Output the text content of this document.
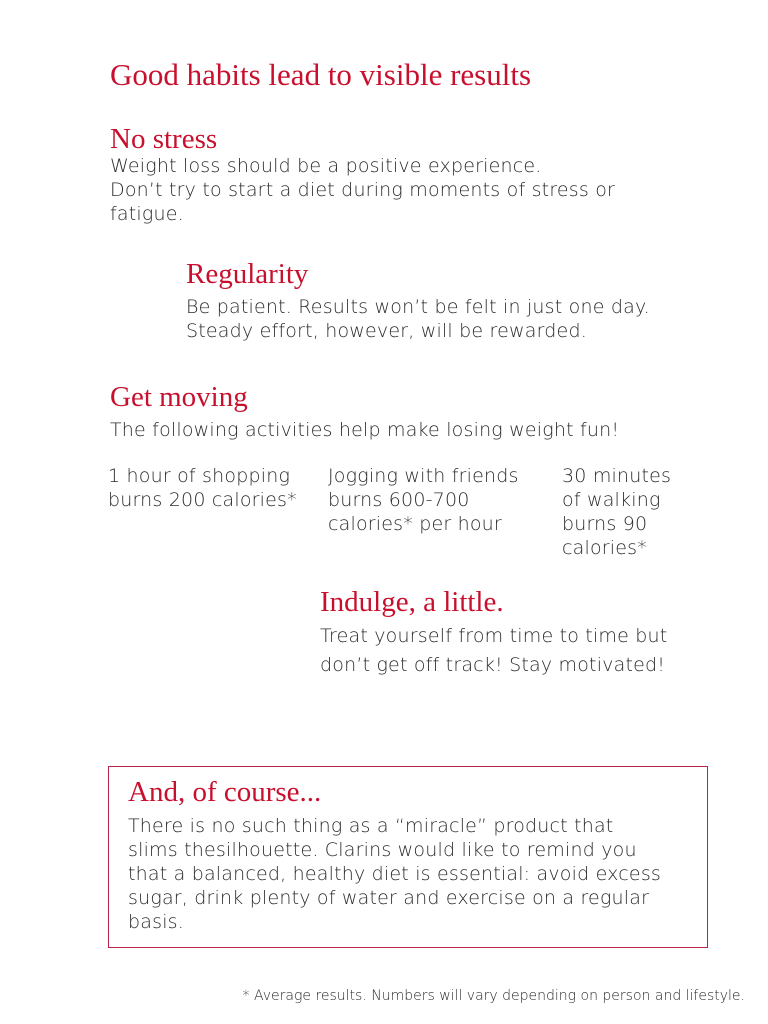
Good habits lead to visible results
No stress

Weight loss should be a positive experience.
Don’t try to start a diet during moments of stress or
fatigue.

Regularity

Be patient. Results won’t be felt in just one day.
Steady effort, however, will be rewarded.

Get moving

The following activities help make losing weight fun!

1 hour of shopping
burns 200 calories*

Jogging with friends
burns 600-700
calories* per hour

30 minutes
of walking
burns 90
calories*

Indulge, a little.

Treat yourself from time to time but
don’t get off track! Stay motivated!

And, of course...

There is no such thing as a “miracle” product that
slims thesilhouette. Clarins would like to remind you
that a balanced, healthy diet is essential: avoid excess
sugar, drink plenty of water and exercise on a regular
basis.

* Average results. Numbers will vary depending on person and lifestyle.
